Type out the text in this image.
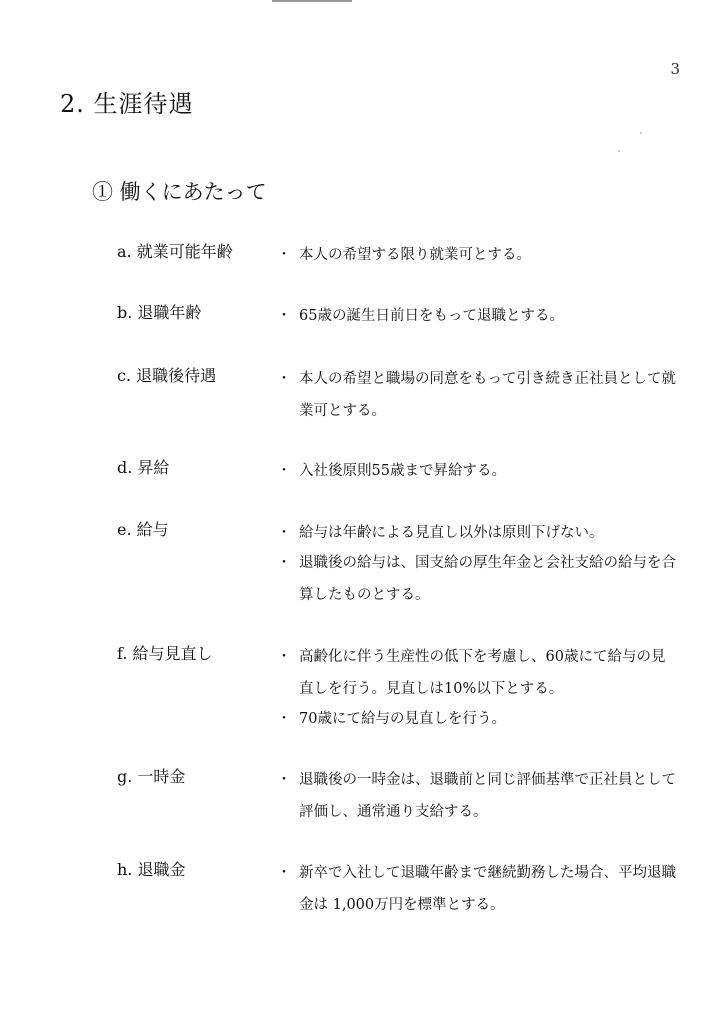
3
2. 生涯待遇
① 働くにあたって
a. 就業可能年齢	・ 本人の希望する限り就業可とする。
b. 退職年齢	・ 65歳の誕生日前日をもって退職とする。
c. 退職後待遇	・ 本人の希望と職場の同意をもって引き続き正社員として就業可とする。
d. 昇給	・ 入社後原則55歳まで昇給する。
e. 給与	・ 給与は年齢による見直し以外は原則下げない。
・ 退職後の給与は、国支給の厚生年金と会社支給の給与を合算したものとする。
f. 給与見直し	・ 高齢化に伴う生産性の低下を考慮し、60歳にて給与の見直しを行う。見直しは10%以下とする。
・ 70歳にて給与の見直しを行う。
g. 一時金	・ 退職後の一時金は、退職前と同じ評価基準で正社員として評価し、通常通り支給する。
h. 退職金	・ 新卒で入社して退職年齢まで継続勤務した場合、平均退職金は 1,000万円を標準とする。
